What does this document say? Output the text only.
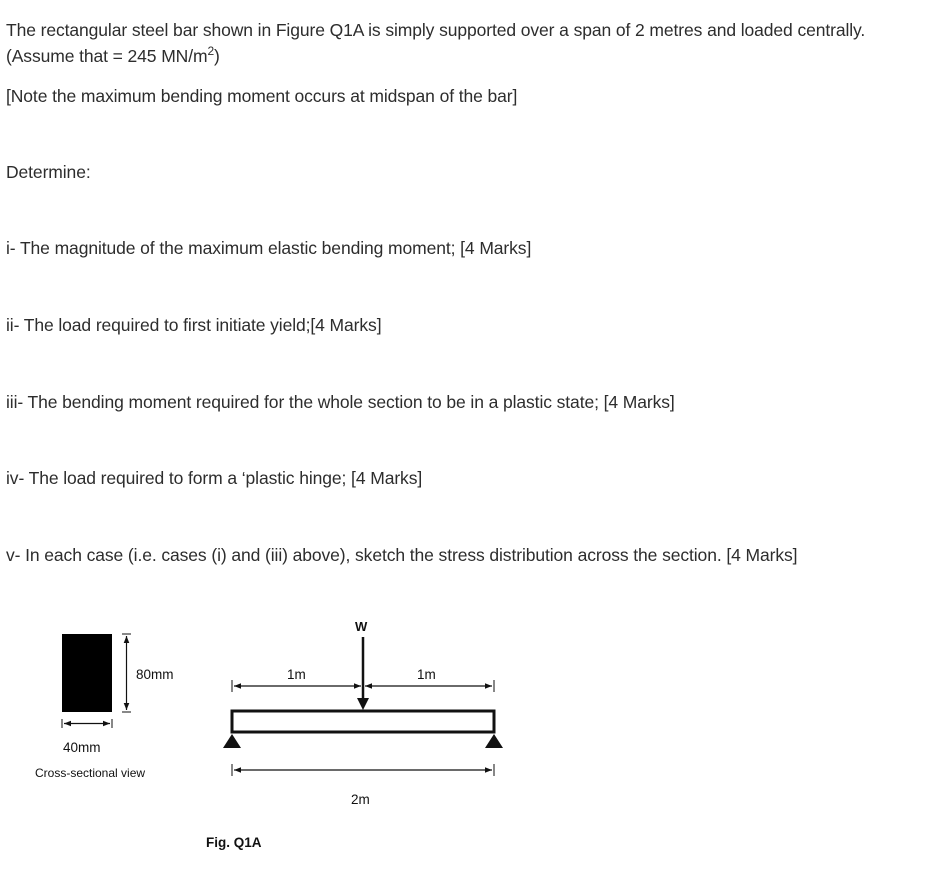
The rectangular steel bar shown in Figure Q1A is simply supported over a span of 2 metres and loaded centrally.

(Assume that = 245 $MN/m^2$)

[Note the maximum bending moment occurs at midspan of the bar]

Determine:

i- The magnitude of the maximum elastic bending moment; [4 Marks]

ii- The load required to first initiate yield;[4 Marks]

iii- The bending moment required for the whole section to be in a plastic state; [4 Marks]

iv- The load required to form a ‘plastic hinge; [4 Marks]

v- In each case (i.e. cases (i) and (iii) above), sketch the stress distribution across the section. [4 Marks]

80mm
40mm
Cross-sectional view
W
1m	1m
2m
Fig. Q1A
